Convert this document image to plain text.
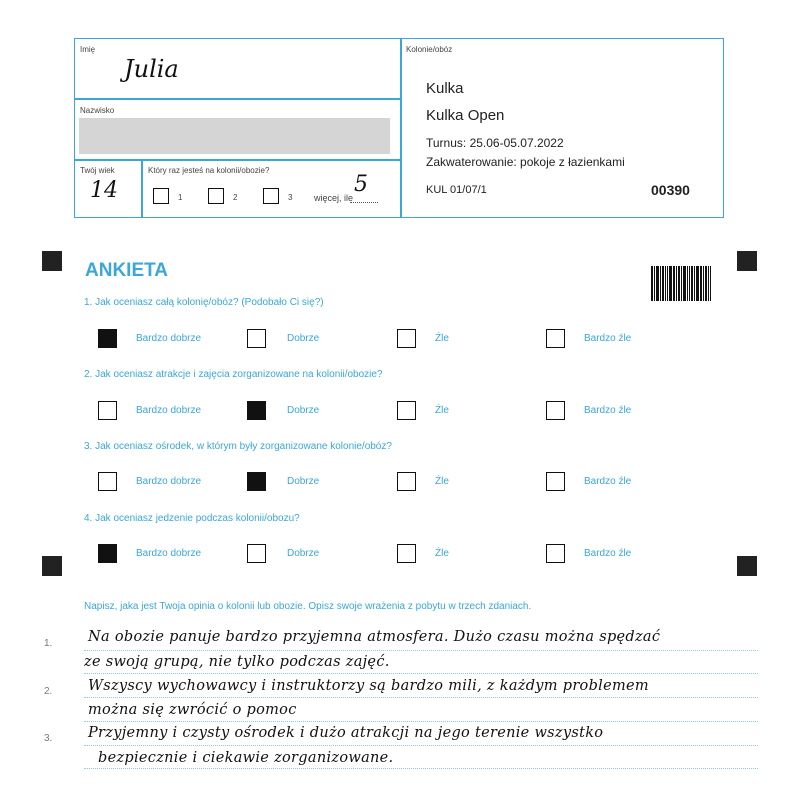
Imię
Julia
Nazwisko
Twój wiek
14
Który raz jesteś na kolonii/obozie?
1	2	3 więcej, ile
5
Kolonie/obóz
Kulka
Kulka Open
Turnus: 25.06-05.07.2022
Zakwaterowanie: pokoje z łazienkami
KUL 01/07/1	00390
ANKIETA
1. Jak oceniasz całą kolonię/obóz? (Podobało Ci się?)
Bardzo dobrze	Dobrze	Źle	Bardzo źle
2. Jak oceniasz atrakcje i zajęcia zorganizowane na kolonii/obozie?
Bardzo dobrze	Dobrze	Źle	Bardzo źle
3. Jak oceniasz ośrodek, w którym były zorganizowane kolonie/obóz?
Bardzo dobrze	Dobrze	Źle	Bardzo źle
4. Jak oceniasz jedzenie podczas kolonii/obozu?
Bardzo dobrze	Dobrze	Źle	Bardzo źle
Napisz, jaka jest Twoja opinia o kolonii lub obozie. Opisz swoje wrażenia z pobytu w trzech zdaniach.
1.
2.
3.
Na obozie panuje bardzo przyjemna atmosfera. Dużo czasu można spędzać
ze swoją grupą, nie tylko podczas zajęć.
Wszyscy wychowawcy i instruktorzy są bardzo mili, z każdym problemem
można się zwrócić o pomoc
Przyjemny i czysty ośrodek i dużo atrakcji na jego terenie wszystko
bezpiecznie i ciekawie zorganizowane.
